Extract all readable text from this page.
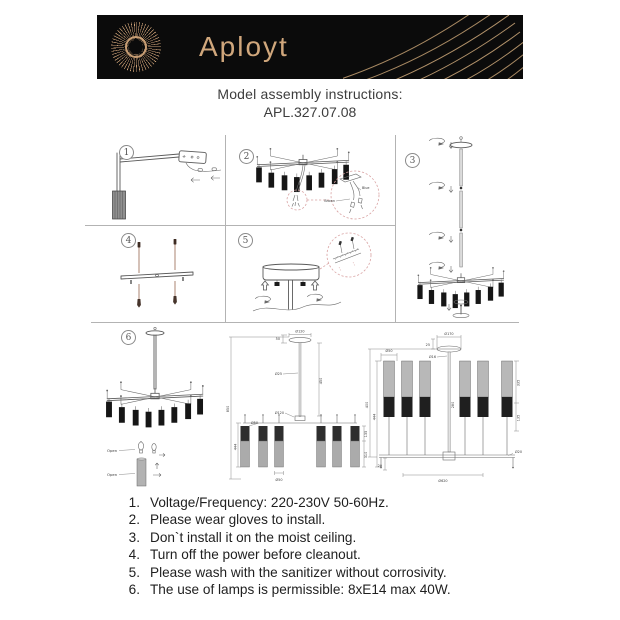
Aployt
Model assembly instructions:
APL.327.07.08
1	2	3
4	5
6
Brown
Blue
Open
Open
Ø120
50
Ø25
450
Ø120
Ø50
850
444
135
310
Ø50
Ø170
25
Ø16
280
Ø50
400
444
335
135
Ø20
Ø620
20
1. Voltage/Frequency: 220-230V 50-60Hz.
2. Please wear gloves to install.
3. Don`t install it on the moist ceiling.
4. Turn off the power before cleanout.
5. Please wash with the sanitizer without corrosivity.
6. The use of lamps is permissible: 8xE14 max 40W.
